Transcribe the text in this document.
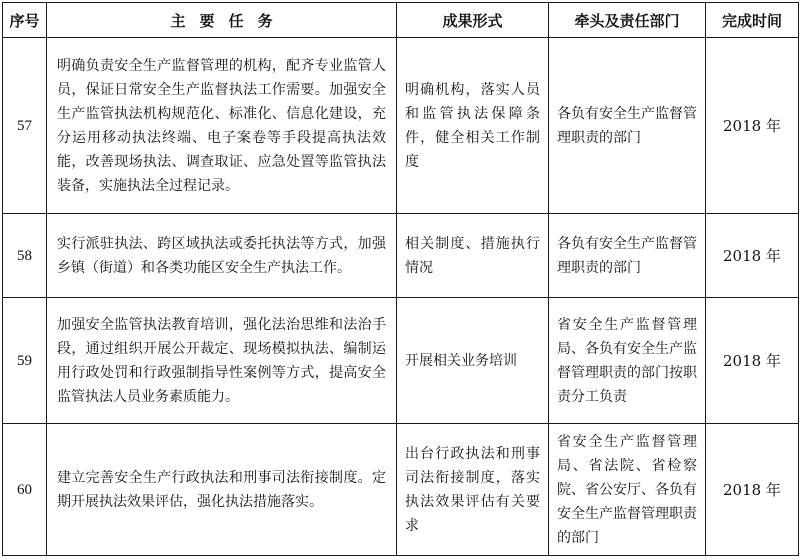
序号	主要任务	成果形式	牵头及责任部门	完成时间
57	明确负责安全生产监督管理的机构，配齐专业监管人员，保证日常安全生产监督执法工作需要。加强安全生产监管执法机构规范化、标准化、信息化建设，充分运用移动执法终端、电子案卷等手段提高执法效能，改善现场执法、调查取证、应急处置等监管执法装备，实施执法全过程记录。	明确机构，落实人员和监管执法保障条件，健全相关工作制度	各负有安全生产监督管理职责的部门	2018 年
58	实行派驻执法、跨区域执法或委托执法等方式，加强乡镇（街道）和各类功能区安全生产执法工作。	相关制度、措施执行情况	各负有安全生产监督管理职责的部门	2018 年
59	加强安全监管执法教育培训，强化法治思维和法治手段，通过组织开展公开裁定、现场模拟执法、编制运用行政处罚和行政强制指导性案例等方式，提高安全监管执法人员业务素质能力。	开展相关业务培训	省安全生产监督管理局、各负有安全生产监督管理职责的部门按职责分工负责	2018 年
60	建立完善安全生产行政执法和刑事司法衔接制度。定期开展执法效果评估，强化执法措施落实。	出台行政执法和刑事司法衔接制度，落实执法效果评估有关要求	省安全生产监督管理局、省法院、省检察院、省公安厅、各负有安全生产监督管理职责的部门	2018 年
